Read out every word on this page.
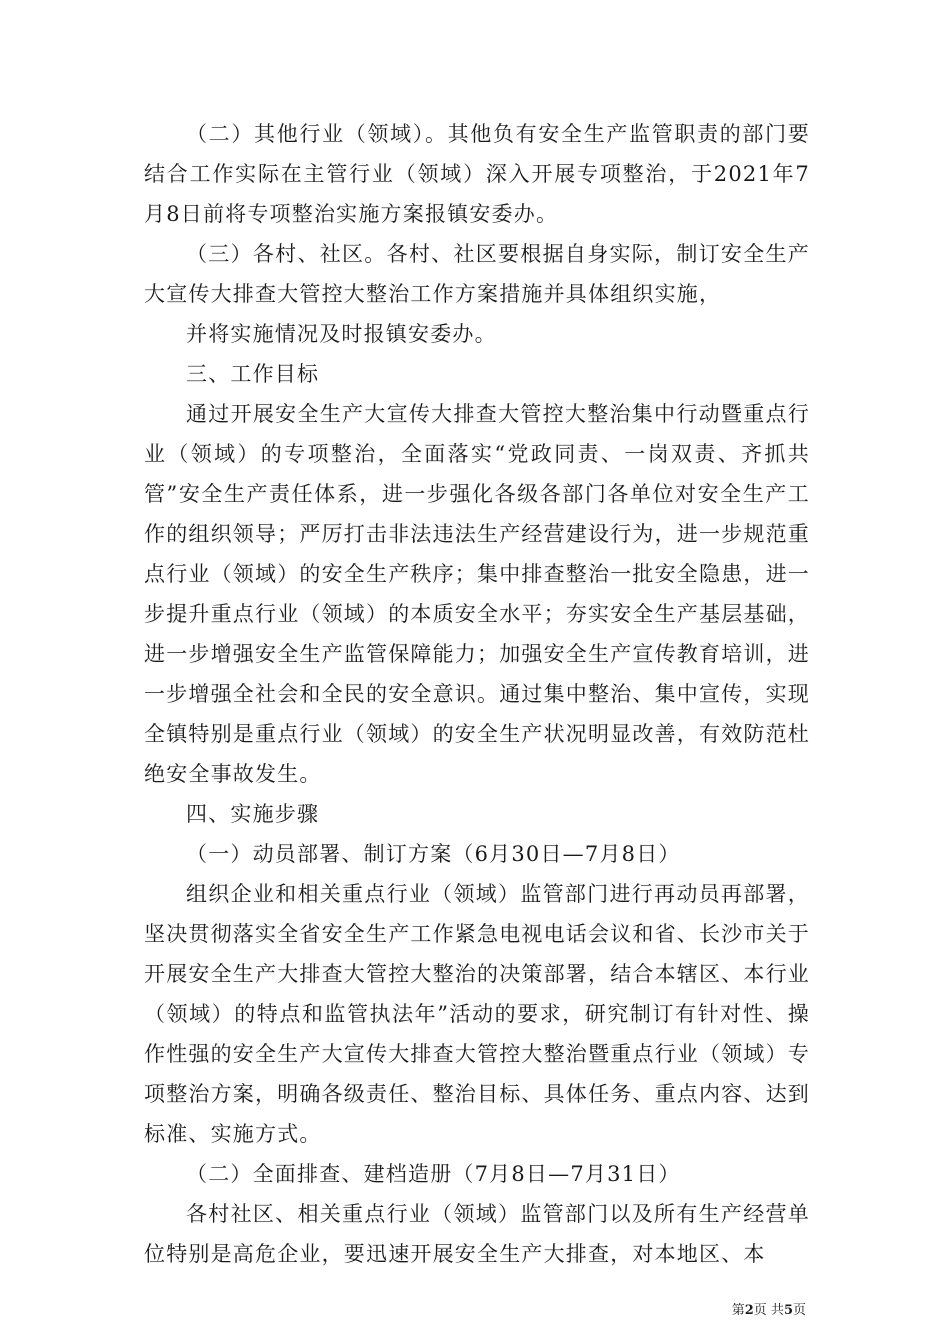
（二）其他行业（领域）。其他负有安全生产监管职责的部门要结合工作实际在主管行业（领域）深入开展专项整治，于2021年7月8日前将专项整治实施方案报镇安委办。

（三）各村、社区。各村、社区要根据自身实际，制订安全生产大宣传大排查大管控大整治工作方案措施并具体组织实施，

并将实施情况及时报镇安委办。

三、工作目标

通过开展安全生产大宣传大排查大管控大整治集中行动暨重点行业（领域）的专项整治，全面落实“党政同责、一岗双责、齐抓共管”安全生产责任体系，进一步强化各级各部门各单位对安全生产工作的组织领导；严厉打击非法违法生产经营建设行为，进一步规范重点行业（领域）的安全生产秩序；集中排查整治一批安全隐患，进一步提升重点行业（领域）的本质安全水平；夯实安全生产基层基础，进一步增强安全生产监管保障能力；加强安全生产宣传教育培训，进一步增强全社会和全民的安全意识。通过集中整治、集中宣传，实现全镇特别是重点行业（领域）的安全生产状况明显改善，有效防范杜绝安全事故发生。

四、实施步骤

（一）动员部署、制订方案（6月30日—7月8日）

组织企业和相关重点行业（领域）监管部门进行再动员再部署，坚决贯彻落实全省安全生产工作紧急电视电话会议和省、长沙市关于开展安全生产大排查大管控大整治的决策部署，结合本辖区、本行业（领域）的特点和监管执法年”活动的要求，研究制订有针对性、操作性强的安全生产大宣传大排查大管控大整治暨重点行业（领域）专项整治方案，明确各级责任、整治目标、具体任务、重点内容、达到标准、实施方式。

（二）全面排查、建档造册（7月8日—7月31日）

各村社区、相关重点行业（领域）监管部门以及所有生产经营单位特别是高危企业，要迅速开展安全生产大排查，对本地区、本

第2页 共5页
